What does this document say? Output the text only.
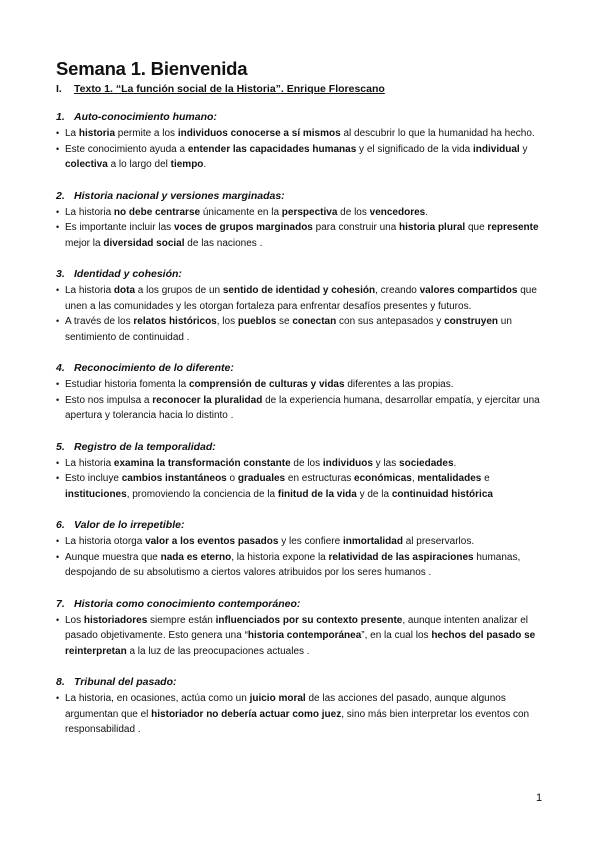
Semana 1. Bienvenida
I.	Texto 1. “La función social de la Historia”. Enrique Florescano
1. Auto-conocimiento humano:
• La historia permite a los individuos conocerse a sí mismos al descubrir lo que la humanidad ha hecho.
• Este conocimiento ayuda a entender las capacidades humanas y el significado de la vida individual y colectiva a lo largo del tiempo.
2. Historia nacional y versiones marginadas:
• La historia no debe centrarse únicamente en la perspectiva de los vencedores.
• Es importante incluir las voces de grupos marginados para construir una historia plural que represente mejor la diversidad social de las naciones .
3. Identidad y cohesión:
• La historia dota a los grupos de un sentido de identidad y cohesión, creando valores compartidos que unen a las comunidades y les otorgan fortaleza para enfrentar desafíos presentes y futuros.
• A través de los relatos históricos, los pueblos se conectan con sus antepasados y construyen un sentimiento de continuidad .
4. Reconocimiento de lo diferente:
• Estudiar historia fomenta la comprensión de culturas y vidas diferentes a las propias.
• Esto nos impulsa a reconocer la pluralidad de la experiencia humana, desarrollar empatía, y ejercitar una apertura y tolerancia hacia lo distinto .
5. Registro de la temporalidad:
• La historia examina la transformación constante de los individuos y las sociedades.
• Esto incluye cambios instantáneos o graduales en estructuras económicas, mentalidades e instituciones, promoviendo la conciencia de la finitud de la vida y de la continuidad histórica
6. Valor de lo irrepetible:
• La historia otorga valor a los eventos pasados y les confiere inmortalidad al preservarlos.
• Aunque muestra que nada es eterno, la historia expone la relatividad de las aspiraciones humanas, despojando de su absolutismo a ciertos valores atribuidos por los seres humanos .
7. Historia como conocimiento contemporáneo:
• Los historiadores siempre están influenciados por su contexto presente, aunque intenten analizar el pasado objetivamente. Esto genera una “historia contemporánea”, en la cual los hechos del pasado se reinterpretan a la luz de las preocupaciones actuales .
8. Tribunal del pasado:
• La historia, en ocasiones, actúa como un juicio moral de las acciones del pasado, aunque algunos argumentan que el historiador no debería actuar como juez, sino más bien interpretar los eventos con responsabilidad .
1
